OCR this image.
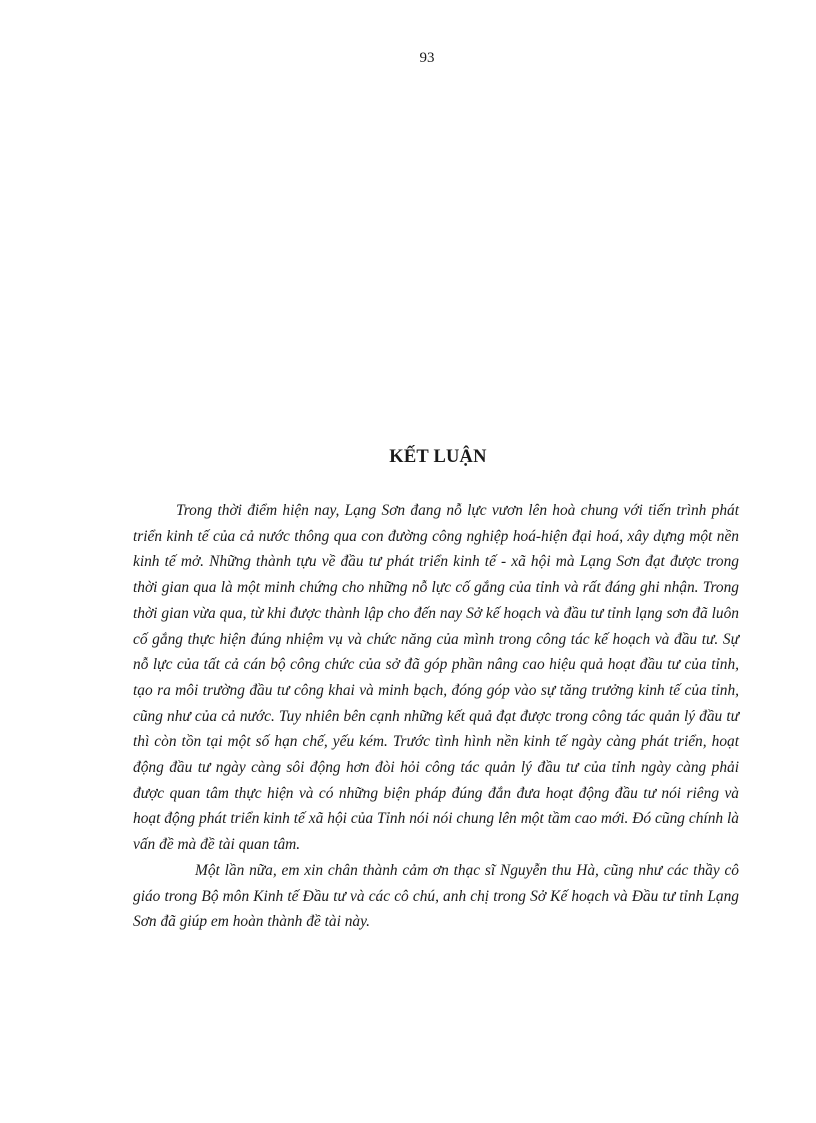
93
KẾT LUẬN

Trong thời điểm hiện nay, Lạng Sơn đang nỗ lực vươn lên hoà chung với tiến trình phát triển kinh tế của cả nước thông qua con đường công nghiệp hoá-hiện đại hoá, xây dựng một nền kinh tế mở. Những thành tựu về đầu tư phát triển kinh tế - xã hội mà Lạng Sơn đạt được trong thời gian qua là một minh chứng cho những nỗ lực cố gắng của tỉnh và rất đáng ghi nhận. Trong thời gian vừa qua, từ khi được thành lập cho đến nay Sở kế hoạch và đầu tư tỉnh lạng sơn đã luôn cố gắng thực hiện đúng nhiệm vụ và chức năng của mình trong công tác kế hoạch và đầu tư. Sự nỗ lực của tất cả cán bộ công chức của sở đã góp phần nâng cao hiệu quả hoạt đầu tư của tỉnh, tạo ra môi trường đầu tư công khai và minh bạch, đóng góp vào sự tăng trưởng kinh tế của tỉnh, cũng như của cả nước. Tuy nhiên bên cạnh những kết quả đạt được trong công tác quản lý đầu tư thì còn tồn tại một số hạn chế, yếu kém. Trước tình hình nền kinh tế ngày càng phát triển, hoạt động đầu tư ngày càng sôi động hơn đòi hỏi công tác quản lý đầu tư của tỉnh ngày càng phải được quan tâm thực hiện và có những biện pháp đúng đắn đưa hoạt động đầu tư nói riêng và hoạt động phát triển kinh tế xã hội của Tỉnh nói nói chung lên một tầm cao mới. Đó cũng chính là vấn đề mà đề tài quan tâm.

Một lần nữa, em xin chân thành cảm ơn thạc sĩ Nguyễn thu Hà, cũng như các thầy cô giáo trong Bộ môn Kinh tế Đầu tư và các cô chú, anh chị trong Sở Kế hoạch và Đầu tư tỉnh Lạng Sơn đã giúp em hoàn thành đề tài này.
